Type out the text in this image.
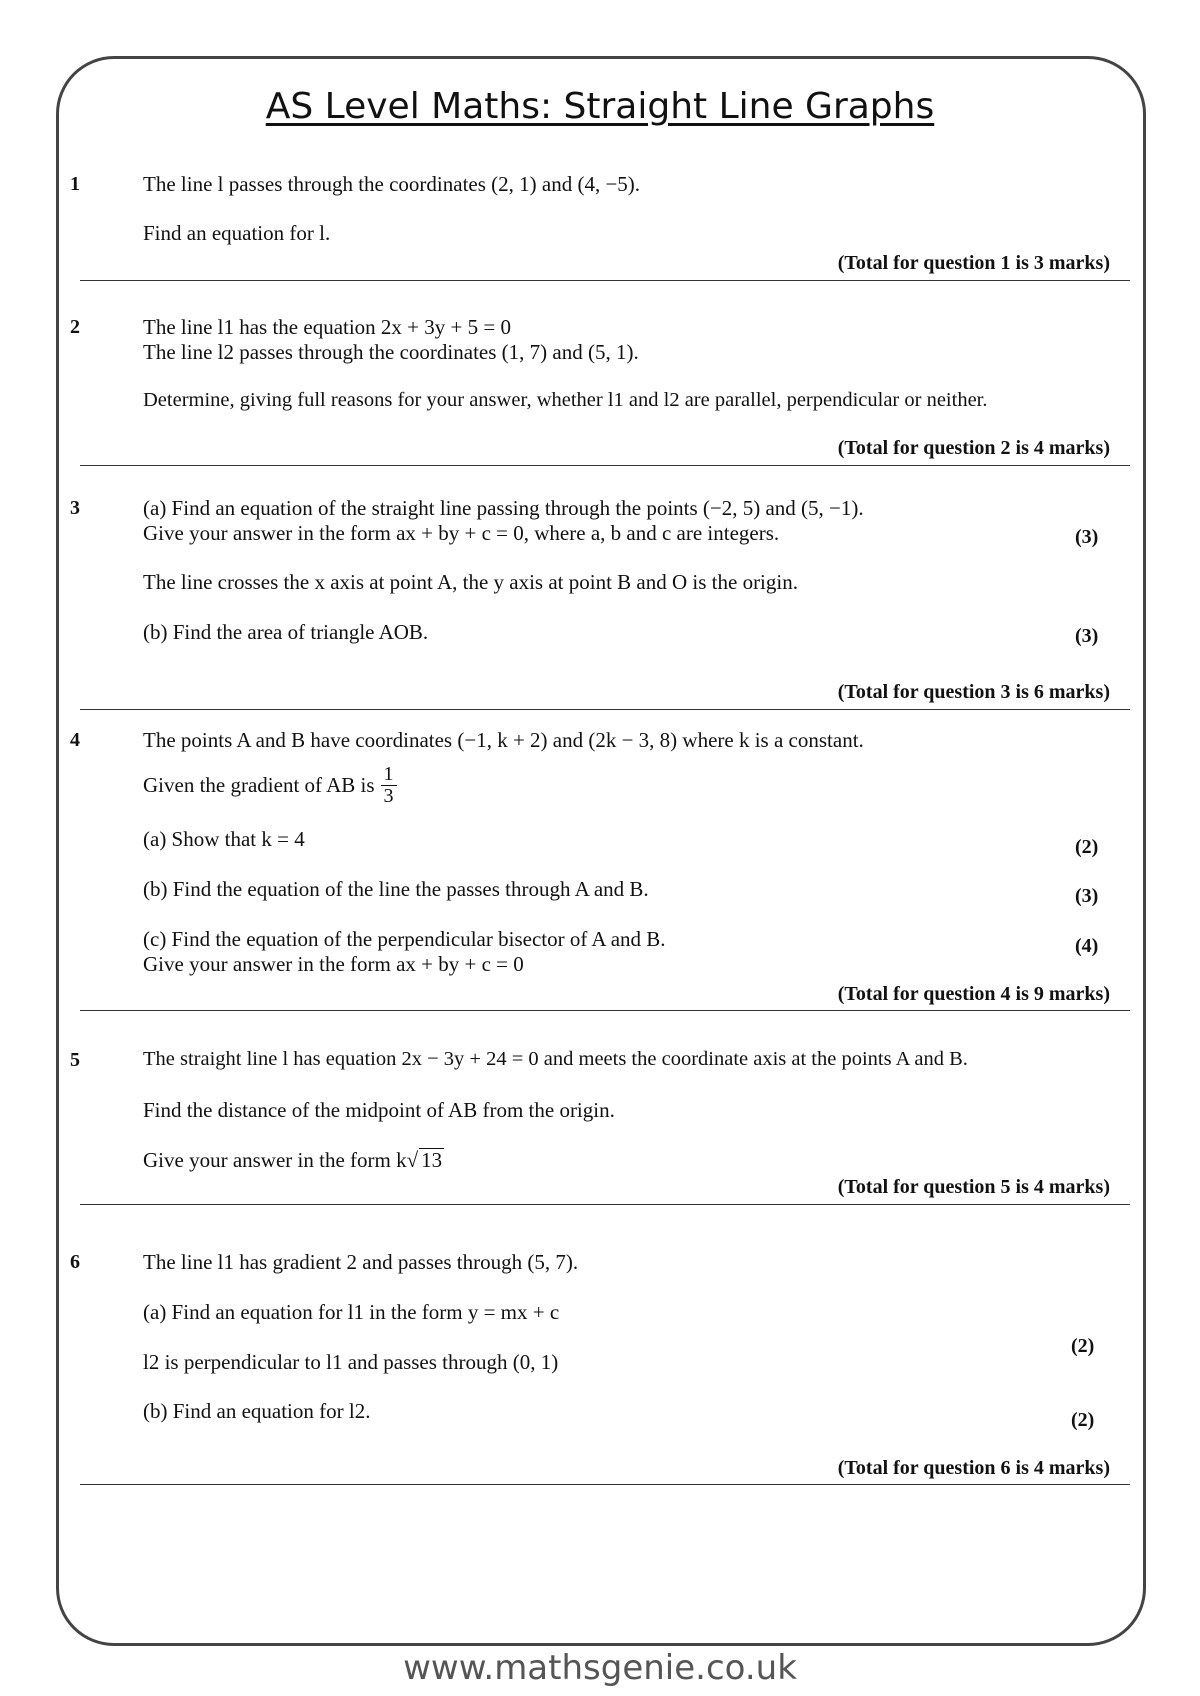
AS Level Maths: Straight Line Graphs
1	The line l passes through the coordinates (2, 1) and (4, −5).
Find an equation for l.
(Total for question 1 is 3 marks)
2	The line l1 has the equation 2x + 3y + 5 = 0
The line l2 passes through the coordinates (1, 7) and (5, 1).
Determine, giving full reasons for your answer, whether l1 and l2 are parallel, perpendicular or neither.
(Total for question 2 is 4 marks)
3	(a) Find an equation of the straight line passing through the points (−2, 5) and (5, −1).
Give your answer in the form ax + by + c = 0, where a, b and c are integers.	(3)
The line crosses the x axis at point A, the y axis at point B and O is the origin.
(b) Find the area of triangle AOB.	(3)
(Total for question 3 is 6 marks)
4	The points A and B have coordinates (−1, k + 2) and (2k − 3, 8) where k is a constant.
Given the gradient of AB is $\frac{1}{3}$
(a) Show that k = 4	(2)
(b) Find the equation of the line the passes through A and B.	(3)
(c) Find the equation of the perpendicular bisector of A and B.
Give your answer in the form ax + by + c = 0
(4)
(Total for question 4 is 9 marks)
5	The straight line l has equation 2x − 3y + 24 = 0 and meets the coordinate axis at the points A and B.
Find the distance of the midpoint of AB from the origin.
Give your answer in the form k√ 13
(Total for question 5 is 4 marks)
6	The line l1 has gradient 2 and passes through (5, 7).
(a) Find an equation for l1 in the form y = mx + c
(2)
l2 is perpendicular to l1 and passes through (0, 1)
(b) Find an equation for l2.	(2)
(Total for question 6 is 4 marks)
www.mathsgenie.co.uk
